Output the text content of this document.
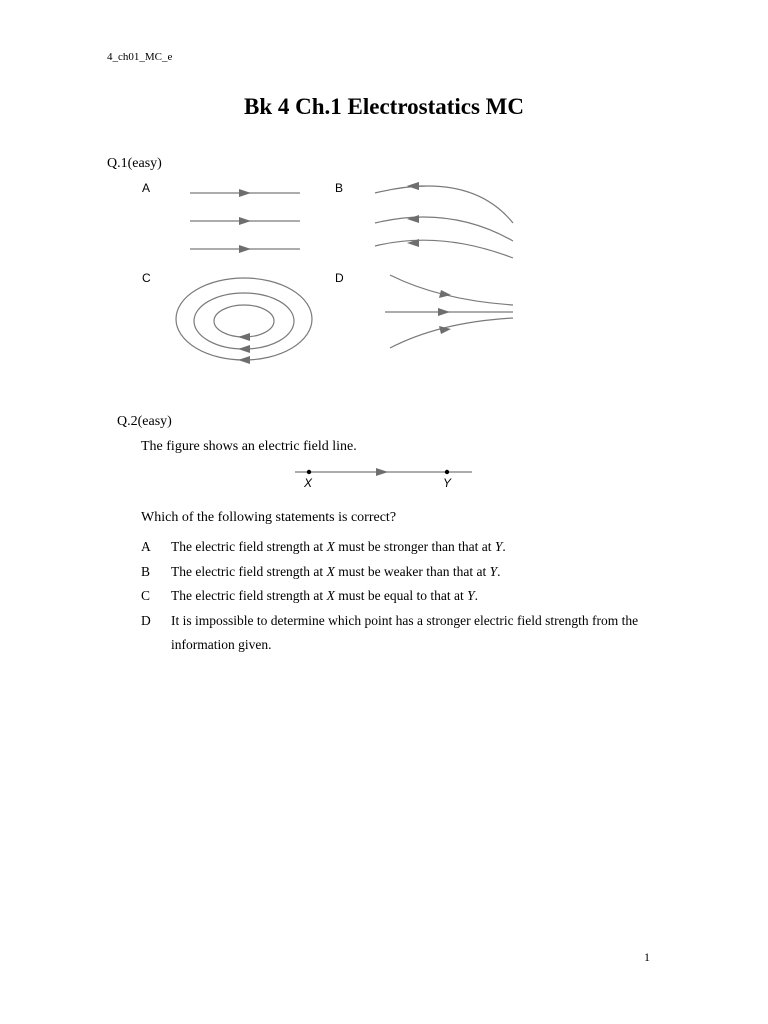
4_ch01_MC_e
Bk 4 Ch.1 Electrostatics MC
Q.1(easy)
A	B
C	D
Q.2(easy)
The figure shows an electric field line.
X	Y
Which of the following statements is correct?
A	The electric field strength at X must be stronger than that at Y.
B	The electric field strength at X must be weaker than that at Y.
C	The electric field strength at X must be equal to that at Y.
D	It is impossible to determine which point has a stronger electric field strength from the information given.
1
